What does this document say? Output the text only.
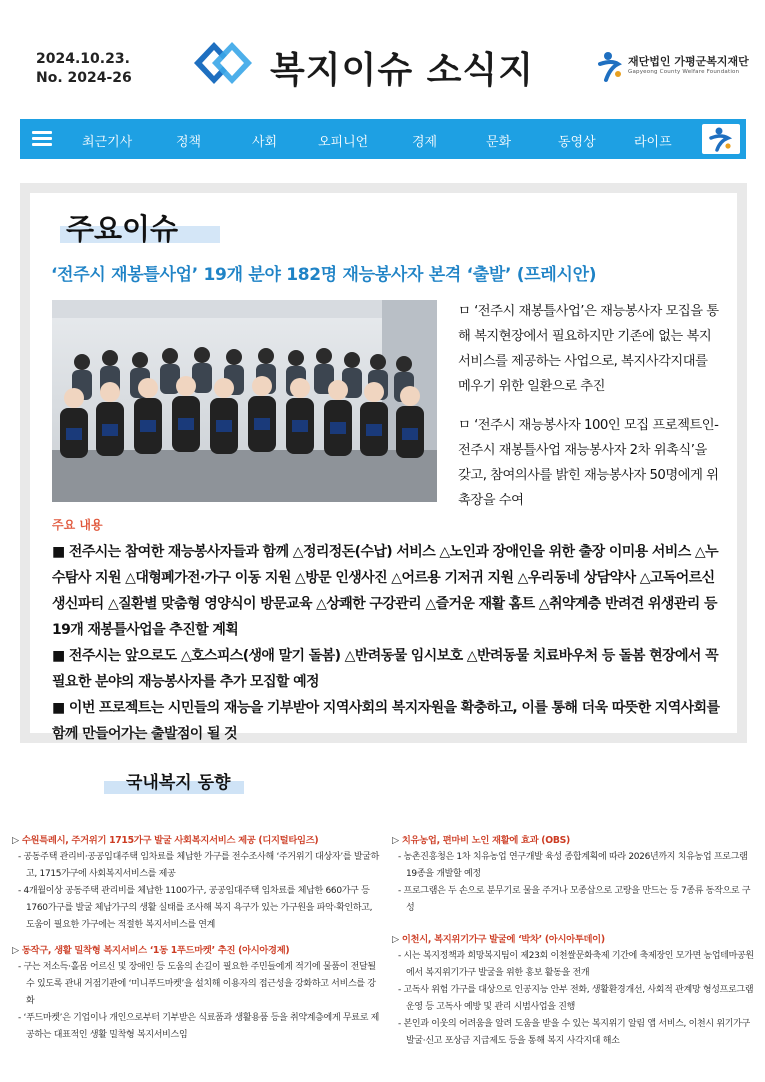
2024.10.23.
No. 2024-26	복지이슈 소식지	재단법인 가평군복지재단
Gapyeong County Welfare Foundation
최근기사	정책	사회	오피니언	경제	문화	동영상	라이프
주요이슈
‘전주시 재봉틀사업’ 19개 분야 182명 재능봉사자 본격 ‘출발’ (프레시안)

ㅁ ‘전주시 재봉틀사업’은 재능봉사자 모집을 통해 복지현장에서 필요하지만 기존에 없는 복지서비스를 제공하는 사업으로, 복지사각지대를 메우기 위한 일환으로 추진

ㅁ ‘전주시 재능봉사자 100인 모집 프로젝트인-전주시 재봉틀사업 재능봉사자 2차 위촉식’을 갖고, 참여의사를 밝힌 재능봉사자 50명에게 위촉장을 수여

주요 내용
■ 전주시는 참여한 재능봉사자들과 함께 △정리정돈(수납) 서비스 △노인과 장애인을 위한 출장 이미용 서비스 △누수탐사 지원 △대형폐가전·가구 이동 지원 △방문 인생사진 △어르용 기저귀 지원 △우리동네 상담약사 △고독어르신 생신파티 △질환별 맞춤형 영양식이 방문교육 △상쾌한 구강관리 △즐거운 재활 홈트 △취약계층 반려견 위생관리 등 19개 재봉틀사업을 추진할 계획
■ 전주시는 앞으로도 △호스피스(생애 말기 돌봄) △반려동물 임시보호 △반려동물 치료바우처 등 돌봄 현장에서 꼭 필요한 분야의 재능봉사자를 추가 모집할 예정
■ 이번 프로젝트는 시민들의 재능을 기부받아 지역사회의 복지자원을 확충하고, 이를 통해 더욱 따뜻한 지역사회를 함께 만들어가는 출발점이 될 것
국내복지 동향
▷ 수원특례시, 주거위기 1715가구 발굴 사회복지서비스 제공 (디지털타임즈)
- 공동주택 관리비·공공임대주택 임차료를 체납한 가구를 전수조사해 ‘주거위기 대상자’를 발굴하고, 1715가구에 사회복지서비스를 제공
- 4개월이상 공동주택 관리비를 체납한 1100가구, 공공임대주택 임차료를 체납한 660가구 등 1760가구를 발굴 체납가구의 생활 실태를 조사해 복지 욕구가 있는 가구원을 파악·확인하고, 도움이 필요한 가구에는 적절한 복지서비스를 연계
▷ 동작구, 생활 밀착형 복지서비스 ‘1동 1푸드마켓’ 추진 (아시아경제)
- 구는 저소득·홀몸 어르신 및 장애인 등 도움의 손길이 필요한 주민들에게 적기에 물품이 전달될 수 있도록 관내 거점기관에 ‘미니푸드마켓’을 설치해 이용자의 접근성을 강화하고 서비스를 강화
- ‘푸드마켓’은 기업이나 개인으로부터 기부받은 식료품과 생활용품 등을 취약계층에게 무료로 제공하는 대표적인 생활 밀착형 복지서비스임
▷ 치유농업, 편마비 노인 재활에 효과 (OBS)
- 농촌진흥청은 1차 치유농업 연구개발 육성 종합계획에 따라 2026년까지 치유농업 프로그램 19종을 개발할 예정
- 프로그램은 두 손으로 분무기로 물을 주거나 모종삽으로 고랑을 만드는 등 7종류 동작으로 구성
▷ 이천시, 복지위기가구 발굴에 ‘박차’ (아시아투데이)
- 시는 복지정책과 희망복지팀이 제23회 이천쌀문화축제 기간에 축제장인 모가면 농업테마공원에서 복지위기가구 발굴을 위한 홍보 활동을 전개
- 고독사 위험 가구를 대상으로 인공지능 안부 전화, 생활환경개선, 사회적 관계망 형성프로그램 운영 등 고독사 예방 및 관리 시범사업을 진행
- 본인과 이웃의 어려움을 알려 도움을 받을 수 있는 복지위기 알림 앱 서비스, 이천시 위기가구 발굴·신고 포상금 지급제도 등을 통해 복지 사각지대 해소
